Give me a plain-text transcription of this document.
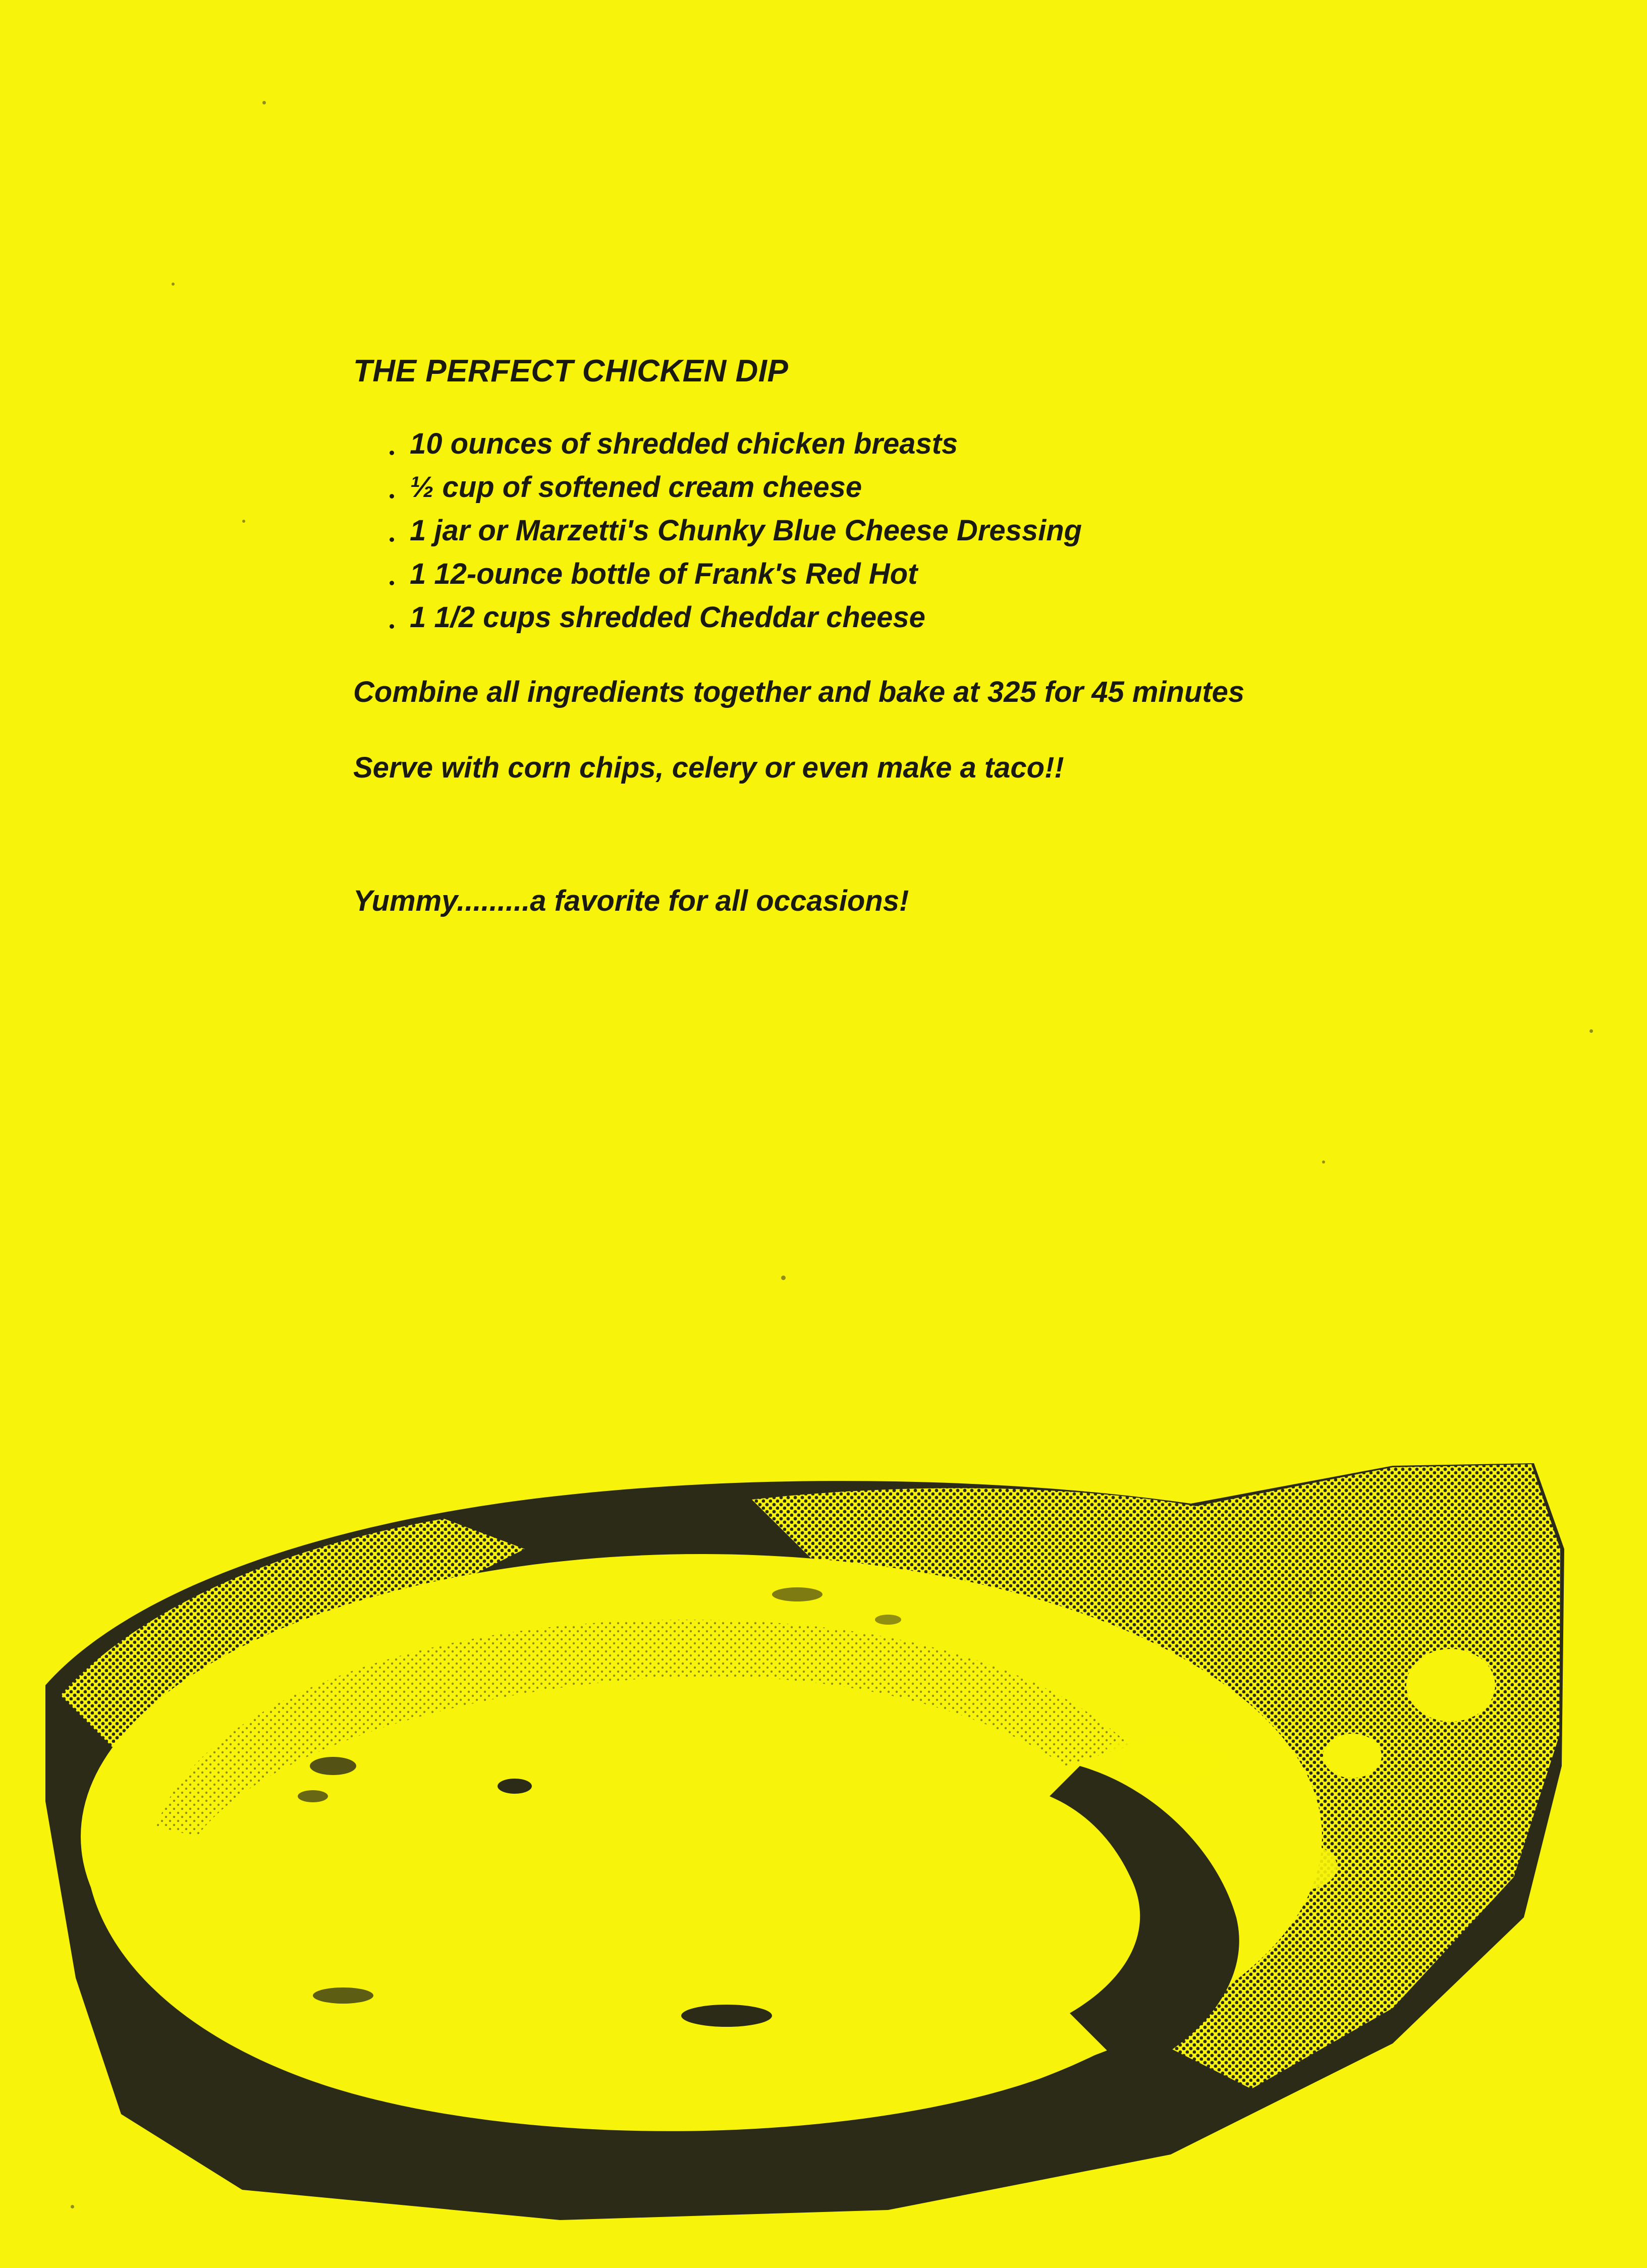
THE PERFECT CHICKEN DIP
10 ounces of shredded chicken breasts
½ cup of softened cream cheese
1 jar or Marzetti's Chunky Blue Cheese Dressing
1 12-ounce bottle of Frank's Red Hot
1 1/2 cups shredded Cheddar cheese

Combine all ingredients together and bake at 325 for 45 minutes

Serve with corn chips, celery or even make a taco!!

Yummy.........a favorite for all occasions!
